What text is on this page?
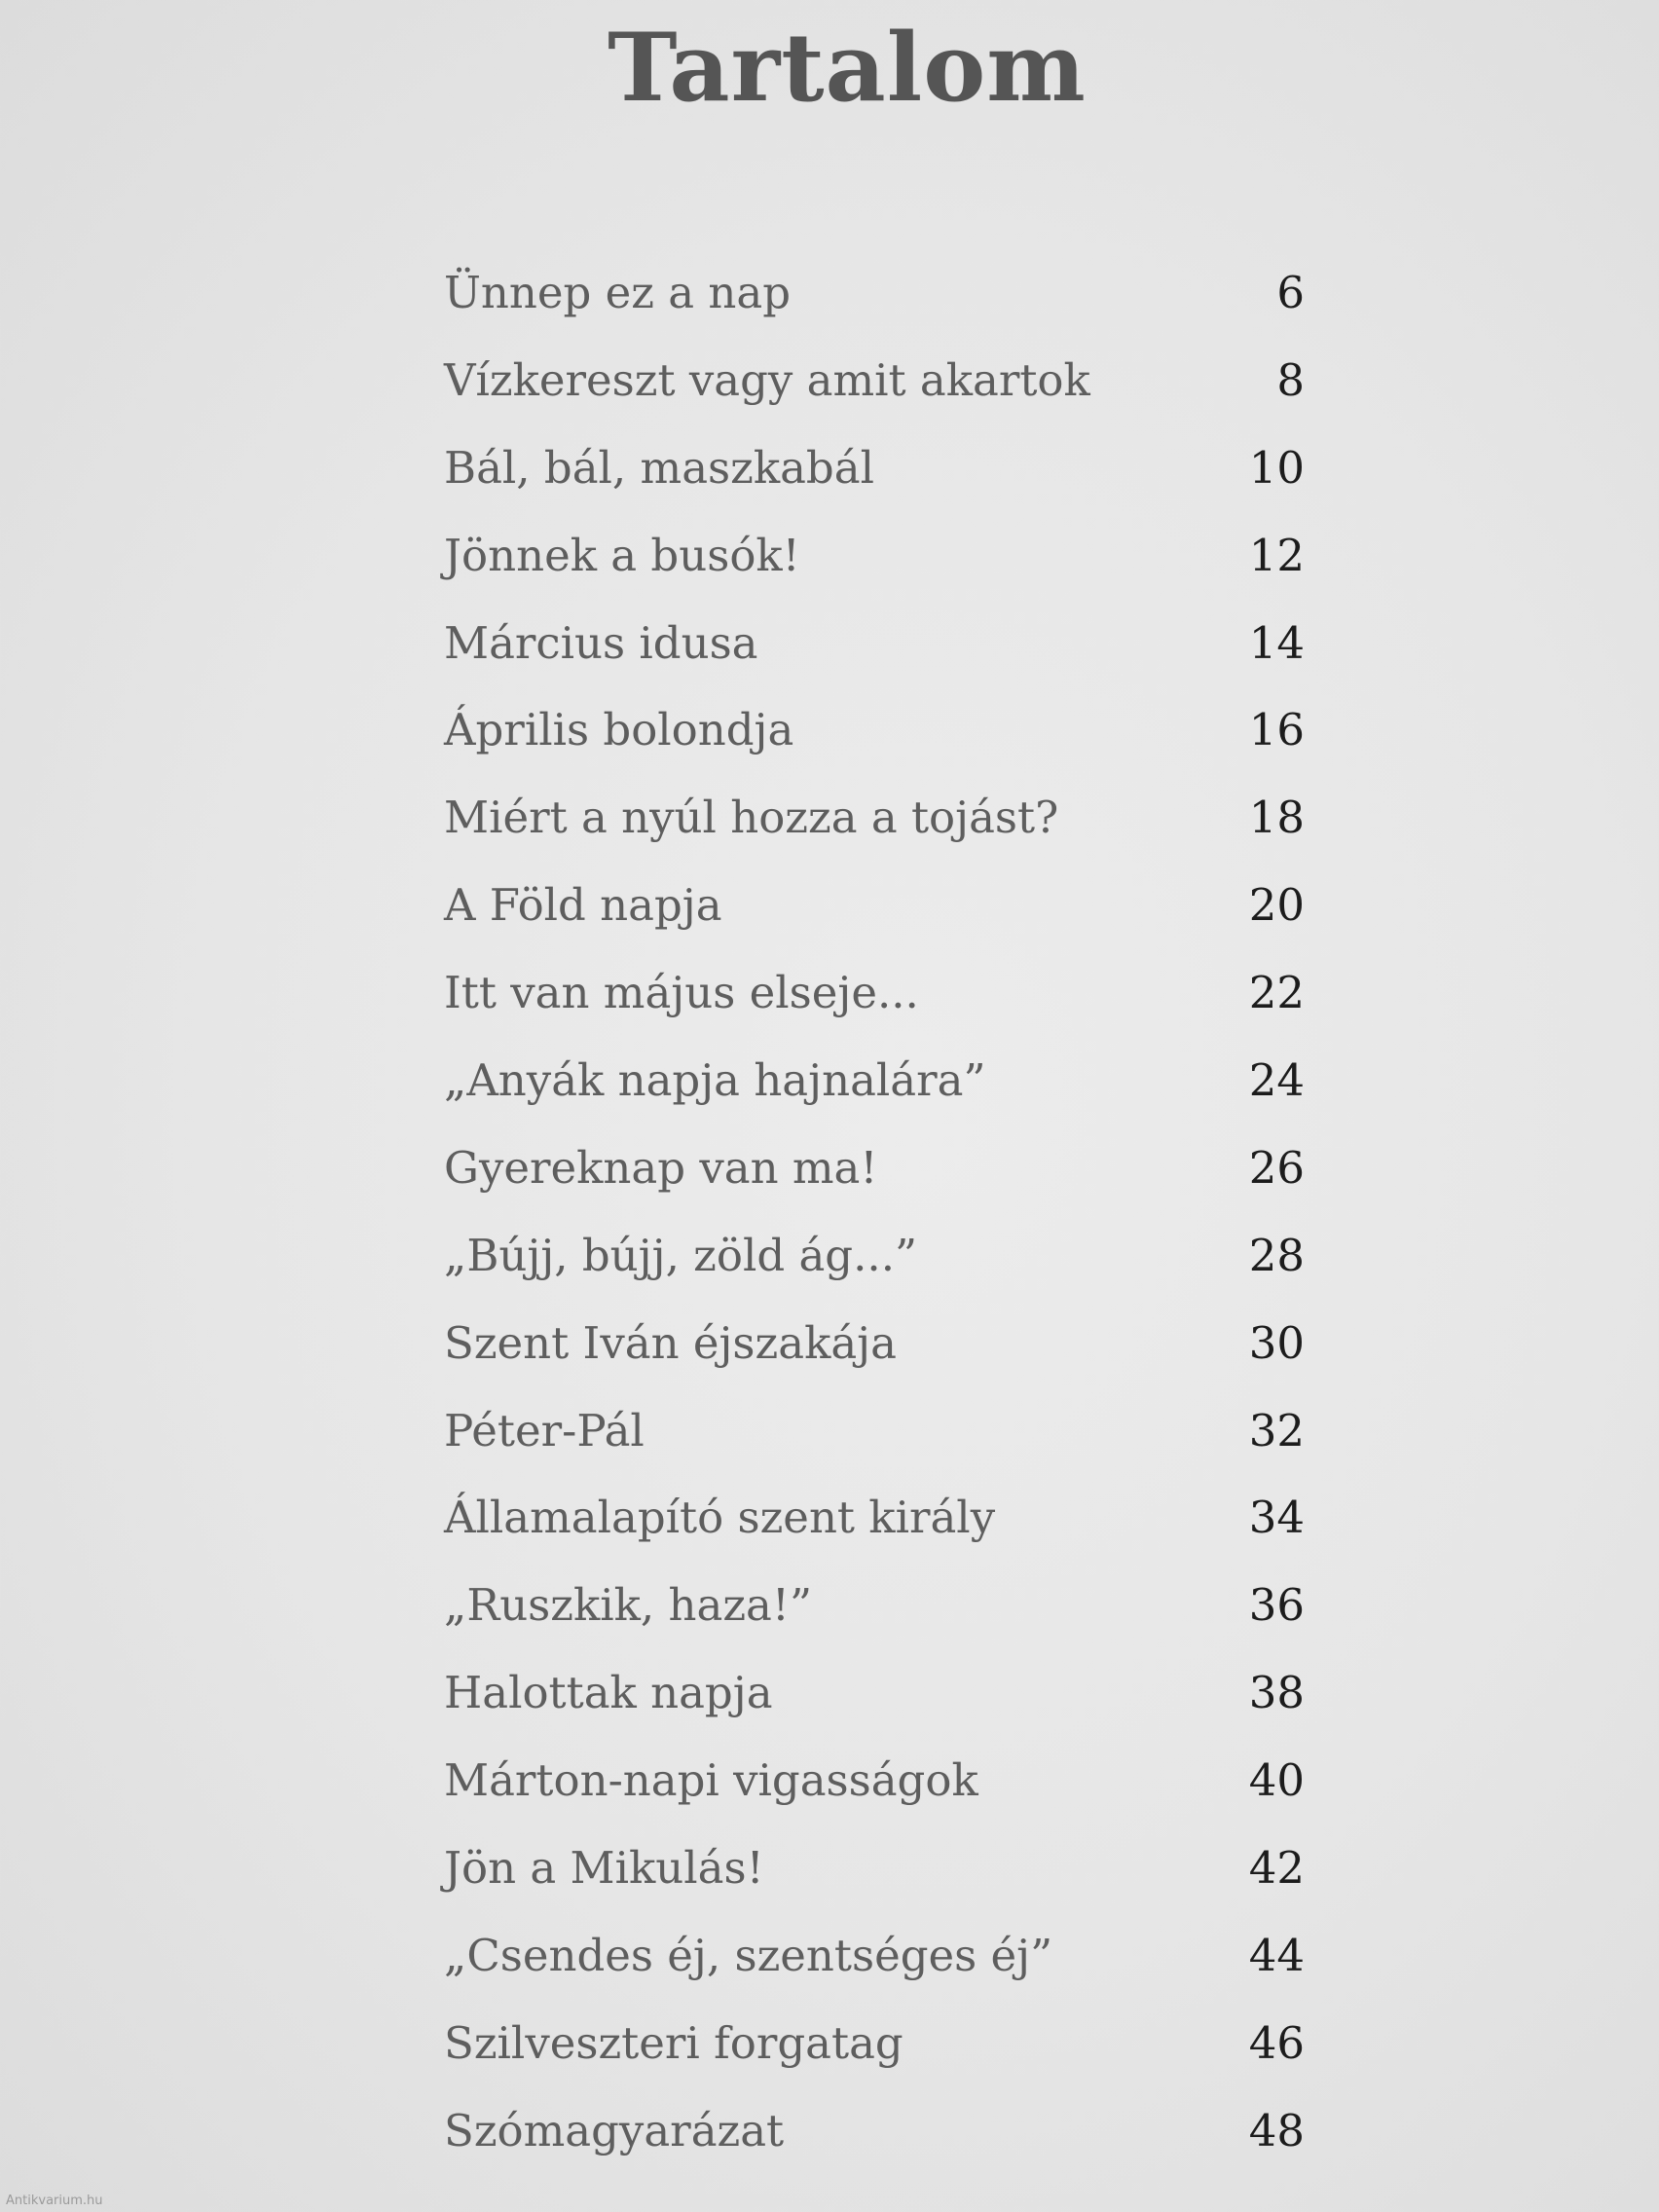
Tartalom
Ünnep ez a nap	6
Vízkereszt vagy amit akartok	8
Bál, bál, maszkabál	10
Jönnek a busók!	12
Március idusa	14
Április bolondja	16
Miért a nyúl hozza a tojást?	18
A Föld napja	20
Itt van május elseje...	22
„Anyák napja hajnalára”	24
Gyereknap van ma!	26
„Bújj, bújj, zöld ág...”	28
Szent Iván éjszakája	30
Péter-Pál	32
Államalapító szent király	34
„Ruszkik, haza!”	36
Halottak napja	38
Márton-napi vigasságok	40
Jön a Mikulás!	42
„Csendes éj, szentséges éj”	44
Szilveszteri forgatag	46
Szómagyarázat	48
Antikvarium.hu
